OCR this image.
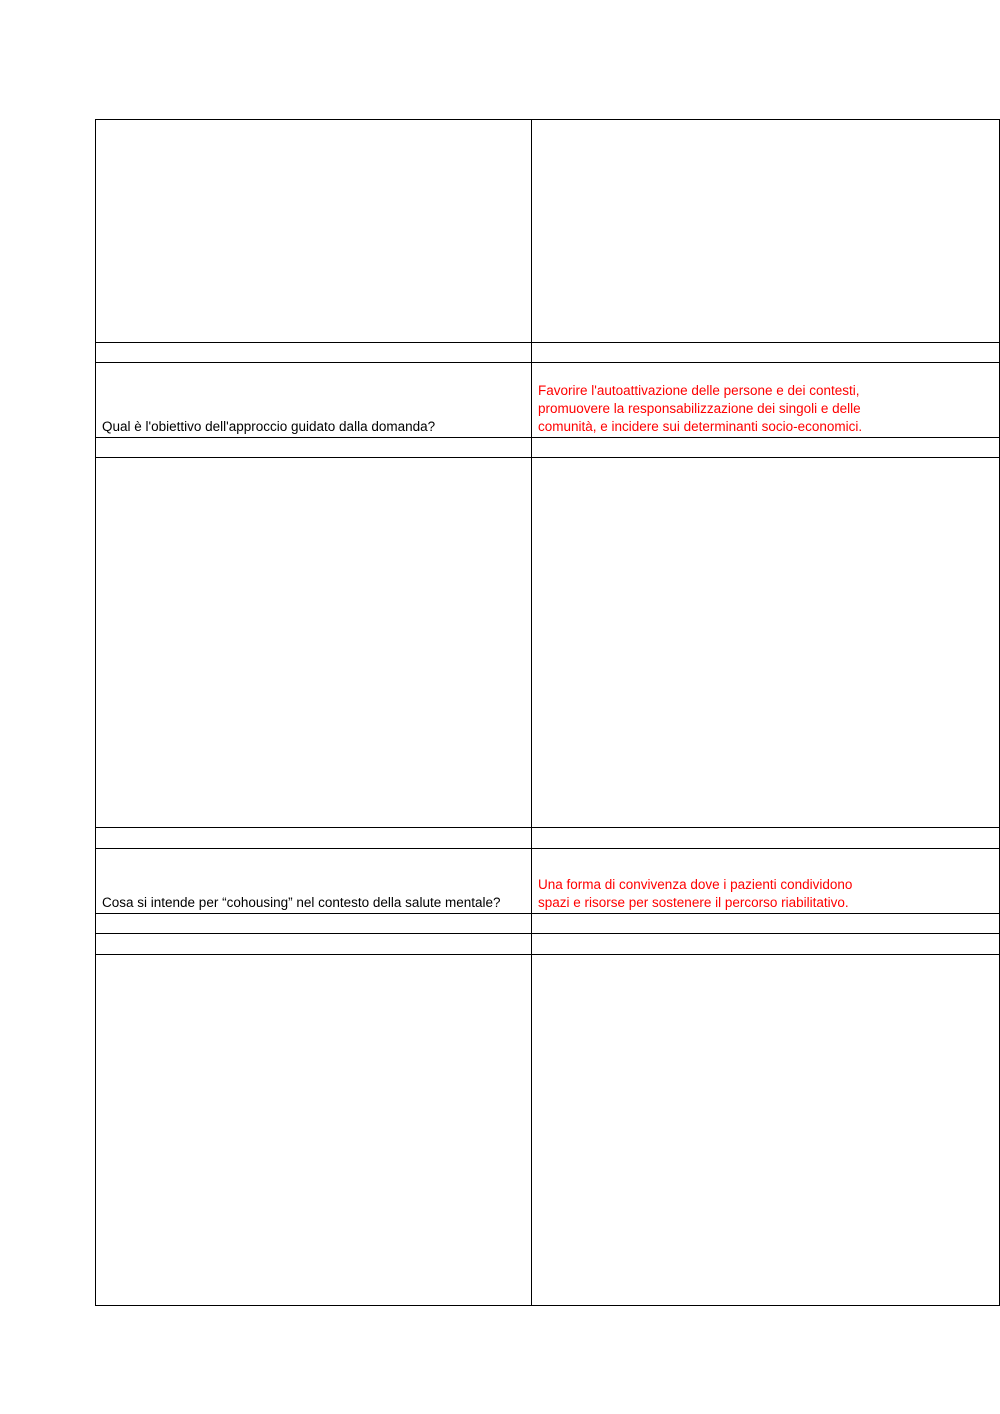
Qual è l'obiettivo dell'approccio guidato dalla domanda?	Favorire l'autoattivazione delle persone e dei contesti,
promuovere la responsabilizzazione dei singoli e delle
comunità, e incidere sui determinanti socio-economici.

Cosa si intende per “cohousing” nel contesto della salute mentale?	Una forma di convivenza dove i pazienti condividono
spazi e risorse per sostenere il percorso riabilitativo.
